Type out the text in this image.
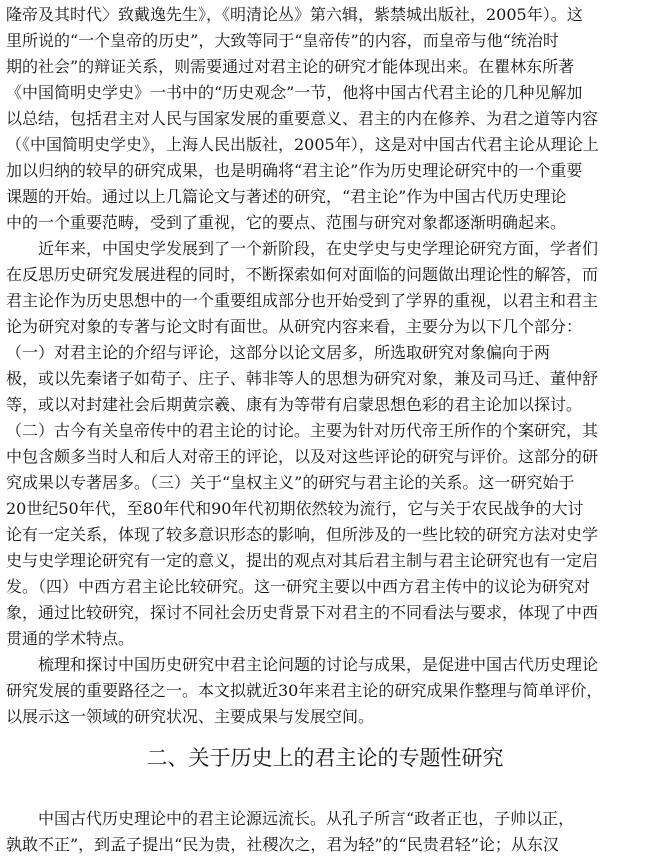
隆帝及其时代〉致戴逸先生》，《明清论丛》第六辑，紫禁城出版社，2005年）。这
里所说的“一个皇帝的历史”，大致等同于“皇帝传”的内容，而皇帝与他“统治时
期的社会”的辩证关系，则需要通过对君主论的研究才能体现出来。在瞿林东所著
《中国简明史学史》一书中的“历史观念”一节，他将中国古代君主论的几种见解加
以总结，包括君主对人民与国家发展的重要意义、君主的内在修养、为君之道等内容
（《中国简明史学史》，上海人民出版社，2005年），这是对中国古代君主论从理论上
加以归纳的较早的研究成果，也是明确将“君主论”作为历史理论研究中的一个重要
课题的开始。通过以上几篇论文与著述的研究，“君主论”作为中国古代历史理论
中的一个重要范畴，受到了重视，它的要点、范围与研究对象都逐渐明确起来。
近年来，中国史学发展到了一个新阶段，在史学史与史学理论研究方面，学者们
在反思历史研究发展进程的同时，不断探索如何对面临的问题做出理论性的解答，而
君主论作为历史思想中的一个重要组成部分也开始受到了学界的重视，以君主和君主
论为研究对象的专著与论文时有面世。从研究内容来看，主要分为以下几个部分：
（一）对君主论的介绍与评论，这部分以论文居多，所选取研究对象偏向于两
极，或以先秦诸子如荀子、庄子、韩非等人的思想为研究对象，兼及司马迁、董仲舒
等，或以对封建社会后期黄宗羲、康有为等带有启蒙思想色彩的君主论加以探讨。
（二）古今有关皇帝传中的君主论的讨论。主要为针对历代帝王所作的个案研究，其
中包含颇多当时人和后人对帝王的评论，以及对这些评论的研究与评价。这部分的研
究成果以专著居多。（三）关于“皇权主义”的研究与君主论的关系。这一研究始于
20世纪50年代，至80年代和90年代初期依然较为流行，它与关于农民战争的大讨
论有一定关系，体现了较多意识形态的影响，但所涉及的一些比较的研究方法对史学
史与史学理论研究有一定的意义，提出的观点对其后君主制与君主论研究也有一定启
发。（四）中西方君主论比较研究。这一研究主要以中西方君主传中的议论为研究对
象，通过比较研究，探讨不同社会历史背景下对君主的不同看法与要求，体现了中西
贯通的学术特点。
梳理和探讨中国历史研究中君主论问题的讨论与成果，是促进中国古代历史理论
研究发展的重要路径之一。本文拟就近30年来君主论的研究成果作整理与简单评价，
以展示这一领域的研究状况、主要成果与发展空间。
二、关于历史上的君主论的专题性研究
中国古代历史理论中的君主论源远流长。从孔子所言“政者正也，子帅以正，
孰敢不正”，到孟子提出“民为贵，社稷次之，君为轻”的“民贵君轻”论；从东汉
